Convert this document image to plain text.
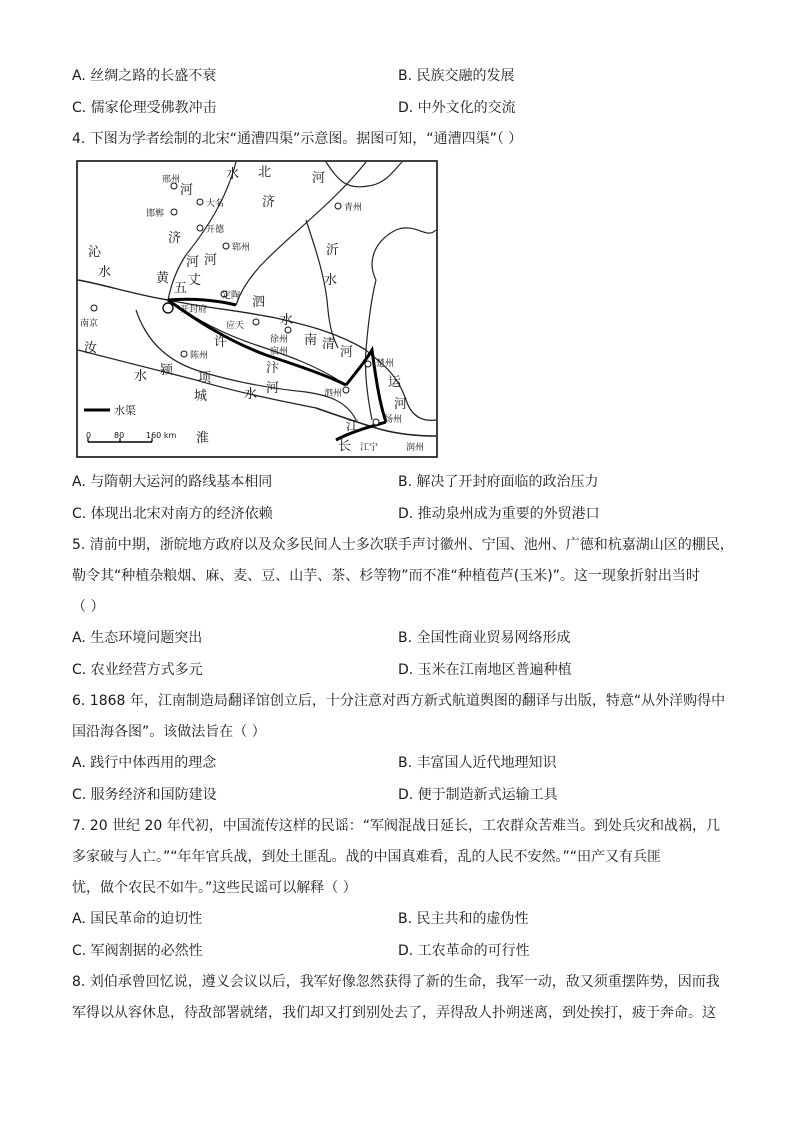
A. 丝绸之路的长盛不衰	B. 民族交融的发展
C. 儒家伦理受佛教冲击	D. 中外文化的交流
4. 下图为学者绘制的北宋“通漕四渠”示意图。据图可知，“通漕四渠”（ ）
邢州
邯郸
大名
开德
郓州
青州
开封府
定陶
应天
南京
徐州
宿州
陈州
楚州
泗州
扬州
江宁	润州
水
河
北
济
河
济
沁
水
沂
水
黄
河
五
丈
河
泗
水
南 清
河
汝	许
水 颍	汴
河
项
城	水
淮
运
河
江
长
水渠
0	80	160 km
A. 与隋朝大运河的路线基本相同	B. 解决了开封府面临的政治压力
C. 体现出北宋对南方的经济依赖	D. 推动泉州成为重要的外贸港口
5. 清前中期，浙皖地方政府以及众多民间人士多次联手声讨徽州、宁国、池州、广德和杭嘉湖山区的棚民，
勒令其“种植杂粮烟、麻、麦、豆、山芋、茶、杉等物”而不准“种植苞芦(玉米)”。这一现象折射出当时
（ ）
A. 生态环境问题突出	B. 全国性商业贸易网络形成
C. 农业经营方式多元	D. 玉米在江南地区普遍种植
6. 1868 年，江南制造局翻译馆创立后，十分注意对西方新式航道舆图的翻译与出版，特意“从外洋购得中
国沿海各图”。该做法旨在（ ）
A. 践行中体西用的理念	B. 丰富国人近代地理知识
C. 服务经济和国防建设	D. 便于制造新式运输工具
7. 20 世纪 20 年代初，中国流传这样的民谣：“军阀混战日延长，工农群众苦难当。到处兵灾和战祸，几
多家破与人亡。”“年年官兵战，到处土匪乱。战的中国真难看，乱的人民不安然。”“田产又有兵匪
忧，做个农民不如牛。”这些民谣可以解释（ ）
A. 国民革命的迫切性	B. 民主共和的虚伪性
C. 军阀割据的必然性	D. 工农革命的可行性
8. 刘伯承曾回忆说，遵义会议以后，我军好像忽然获得了新的生命，我军一动，敌又须重摆阵势，因而我
军得以从容休息，待敌部署就绪，我们却又打到别处去了，弄得敌人扑朔迷离，到处挨打，疲于奔命。这
